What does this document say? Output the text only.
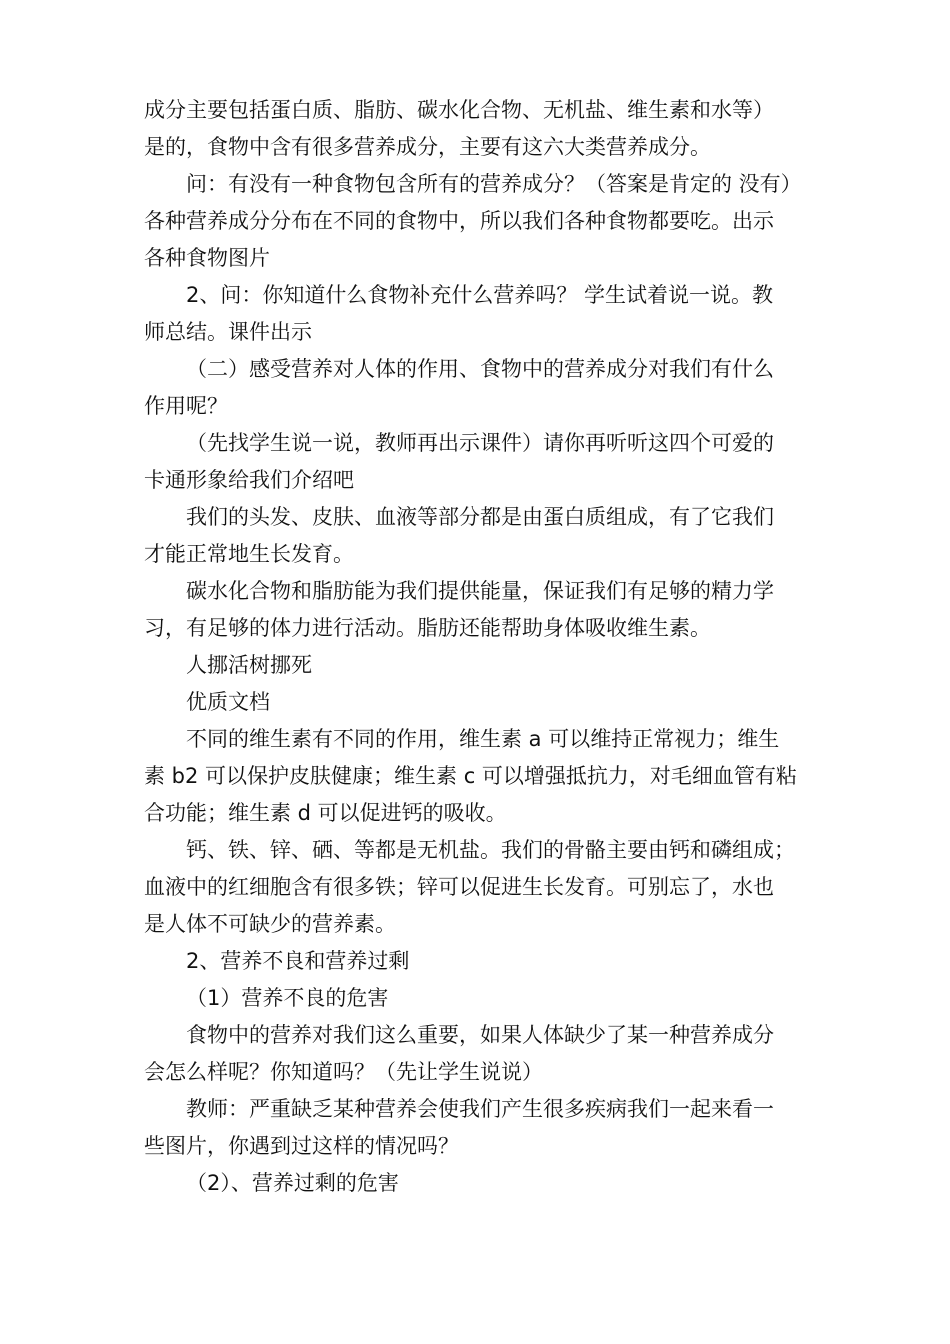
成分主要包括蛋白质、脂肪、碳水化合物、无机盐、维生素和水等）

是的，食物中含有很多营养成分，主要有这六大类营养成分。

问：有没有一种食物包含所有的营养成分？（答案是肯定的 没有）

各种营养成分分布在不同的食物中，所以我们各种食物都要吃。出示

各种食物图片

2、问：你知道什么食物补充什么营养吗？ 学生试着说一说。教

师总结。课件出示

（二）感受营养对人体的作用、食物中的营养成分对我们有什么

作用呢？

（先找学生说一说，教师再出示课件）请你再听听这四个可爱的

卡通形象给我们介绍吧

我们的头发、皮肤、血液等部分都是由蛋白质组成，有了它我们

才能正常地生长发育。

碳水化合物和脂肪能为我们提供能量，保证我们有足够的精力学

习，有足够的体力进行活动。脂肪还能帮助身体吸收维生素。

人挪活树挪死

优质文档

不同的维生素有不同的作用，维生素 a 可以维持正常视力；维生

素 b2 可以保护皮肤健康；维生素 c 可以增强抵抗力，对毛细血管有粘

合功能；维生素 d 可以促进钙的吸收。

钙、铁、锌、硒、等都是无机盐。我们的骨骼主要由钙和磷组成；

血液中的红细胞含有很多铁；锌可以促进生长发育。可别忘了，水也

是人体不可缺少的营养素。

2、营养不良和营养过剩

（1）营养不良的危害

食物中的营养对我们这么重要，如果人体缺少了某一种营养成分

会怎么样呢？你知道吗？（先让学生说说）

教师：严重缺乏某种营养会使我们产生很多疾病我们一起来看一

些图片，你遇到过这样的情况吗？

（2）、营养过剩的危害
